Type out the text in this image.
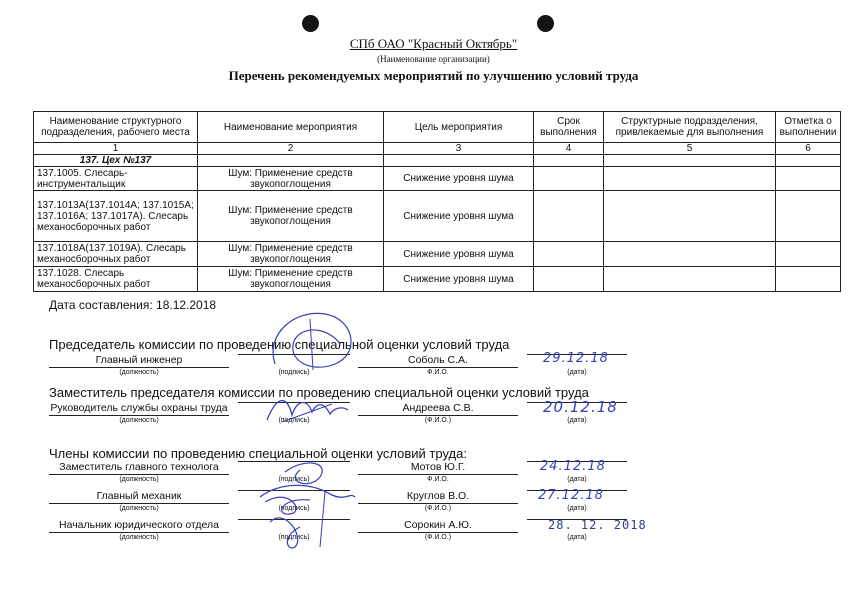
СПб ОАО "Красный Октябрь"
(Наименование организации)
Перечень рекомендуемых мероприятий по улучшению условий труда
Наименование структурного подразделения, рабочего места	Наименование мероприятия	Цель мероприятия	Срок выполнения	Структурные подразделения, привлекаемые для выполнения	Отметка о выполнении
1	2	3	4	5	6
137. Цех №137					
137.1005. Слесарь-инструментальщик	Шум: Применение средств звукопоглощения	Снижение уровня шума			
137.1013А(137.1014А; 137.1015А; 137.1016А; 137.1017А). Слесарь механосборочных работ	Шум: Применение средств звукопоглощения	Снижение уровня шума			
137.1018А(137.1019А). Слесарь механосборочных работ	Шум: Применение средств звукопоглощения	Снижение уровня шума			
137.1028. Слесарь механосборочных работ	Шум: Применение средств звукопоглощения	Снижение уровня шума			
Дата составления: 18.12.2018
Председатель комиссии по проведению специальной оценки условий труда
Главный инженер
(должность)	(подпись)
Соболь С.А.
Ф.И.О.	(дата)
29.12.18
Заместитель председателя комиссии по проведению специальной оценки условий труда
Руководитель службы охраны труда
(должность)	(подпись)
Андреева С.В.
(Ф.И.О.)	(дата)
20.12.18
Члены комиссии по проведению специальной оценки условий труда:
Заместитель главного технолога
(должность)	(подпись)
Мотов Ю.Г.
Ф.И.О.	(дата)
24.12.18
Главный механик
(должность)	(подпись)
Круглов В.О.
(Ф.И.О.)	(дата)
27.12.18
Начальник юридического отдела
(должность)	(подпись)
Сорокин А.Ю.
(Ф.И.О.)	(дата)
28. 12. 2018
